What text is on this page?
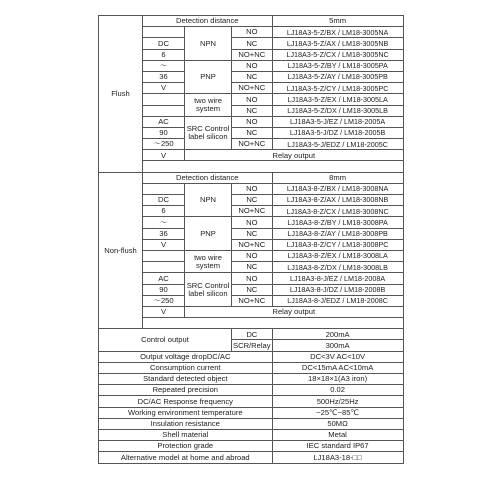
Flush	Detection distance			5mm
		NPN	NO	LJ18A3-5-Z/BX / LM18-3005NA
	DC		NC	LJ18A3-5-Z/AX / LM18-3005NB
	6		NO+NC	LJ18A3-5-Z/CX / LM18-3005NC
	～	PNP	NO	LJ18A3-5-Z/BY / LM18-3005PA
	36		NC	LJ18A3-5-Z/AY / LM18-3005PB
	V		NO+NC	LJ18A3-5-Z/CY / LM18-3005PC
		two wire system	NO	LJ18A3-5-Z/EX / LM18-3005LA
			NC	LJ18A3-5-Z/DX / LM18-3005LB
	AC	SRC Control label silicon	NO	LJ18A3-5-J/EZ / LM18-2005A
	90		NC	LJ18A3-5-J/DZ / LM18-2005B
	～250		NO+NC	LJ18A3-5-J/EDZ / LM18-2005C
	V	Relay output		

Non-flush	Detection distance			8mm
		NPN	NO	LJ18A3-8-Z/BX / LM18-3008NA
	DC		NC	LJ18A3-8-Z/AX / LM18-3008NB
	6		NO+NC	LJ18A3-8-Z/CX / LM18-3008NC
	～	PNP	NO	LJ18A3-8-Z/BY / LM18-3008PA
	36		NC	LJ18A3-8-Z/AY / LM18-3008PB
	V		NO+NC	LJ18A3-8-Z/CY / LM18-3008PC
		two wire system	NO	LJ18A3-8-Z/EX / LM18-3008LA
			NC	LJ18A3-8-Z/DX / LM18-3008LB
	AC	SRC Control label silicon	NO	LJ18A3-8-J/EZ / LM18-2008A
	90		NC	LJ18A3-8-J/DZ / LM18-2008B
	～250		NO+NC	LJ18A3-8-J/EDZ / LM18-2008C
	V	Relay output		

Control output			DC	200mA
			SCR/Relay	300mA
Output voltage dropDC/AC				DC<3V AC<10V
Consumption current				DC<15mA AC<10mA
Standard detected object				18×18×1(A3 iron)
Repeated precision				0.02
DC/AC Response frequency				500Hz/25Hz
Working environment temperature				−25℃~85℃
Insulation resistance				50MΩ
Shell material				Metal
Protection grade				IEC standard IP67
Alternative model at home and abroad				LJ18A3-18-□□
